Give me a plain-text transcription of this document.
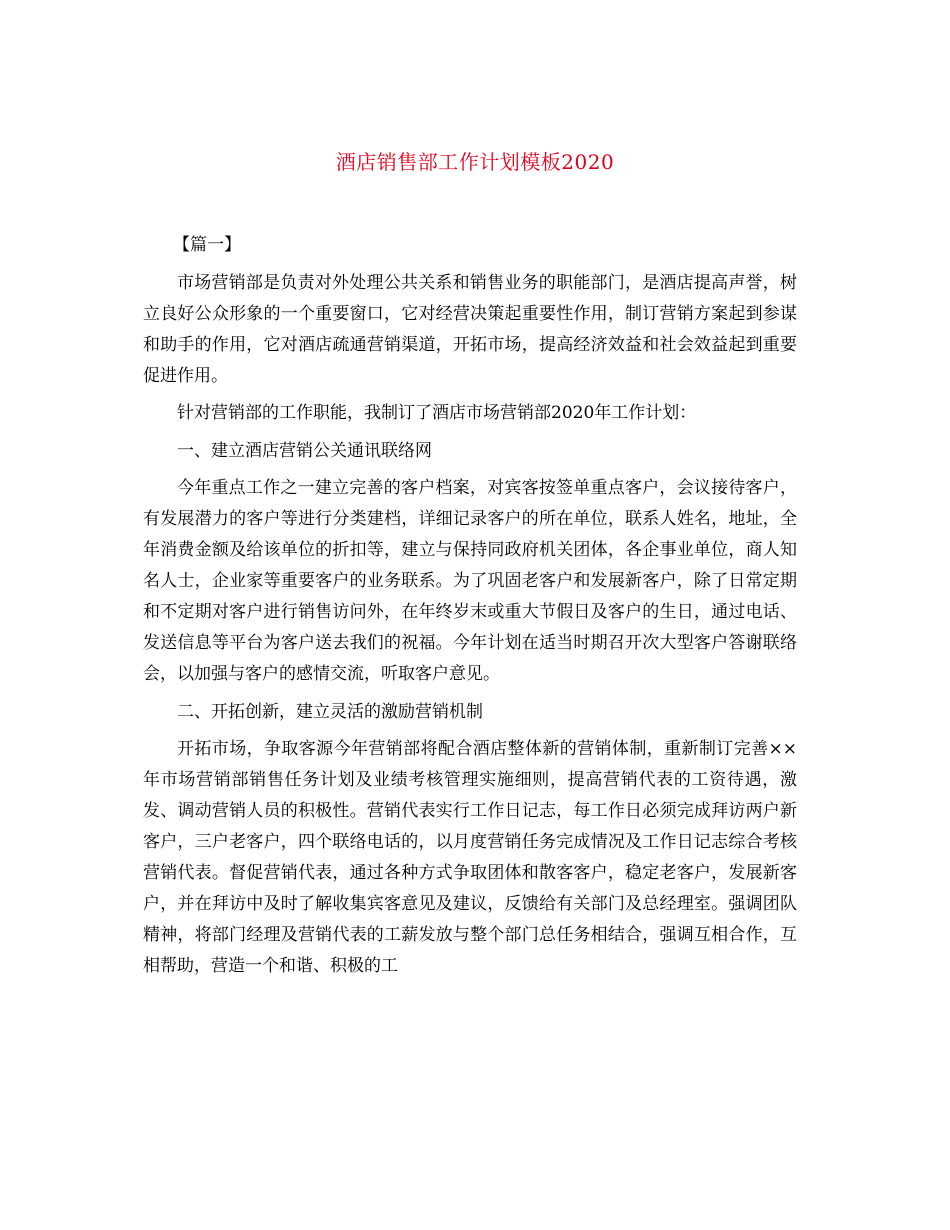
酒店销售部工作计划模板2020

【篇一】

市场营销部是负责对外处理公共关系和销售业务的职能部门，是酒店提高声誉，树立良好公众形象的一个重要窗口，它对经营决策起重要性作用，制订营销方案起到参谋和助手的作用，它对酒店疏通营销渠道，开拓市场，提高经济效益和社会效益起到重要促进作用。

针对营销部的工作职能，我制订了酒店市场营销部2020年工作计划：

一、建立酒店营销公关通讯联络网

今年重点工作之一建立完善的客户档案，对宾客按签单重点客户，会议接待客户，有发展潜力的客户等进行分类建档，详细记录客户的所在单位，联系人姓名，地址，全年消费金额及给该单位的折扣等，建立与保持同政府机关团体，各企事业单位，商人知名人士，企业家等重要客户的业务联系。为了巩固老客户和发展新客户，除了日常定期和不定期对客户进行销售访问外，在年终岁末或重大节假日及客户的生日，通过电话、发送信息等平台为客户送去我们的祝福。今年计划在适当时期召开次大型客户答谢联络会，以加强与客户的感情交流，听取客户意见。

二、开拓创新，建立灵活的激励营销机制

开拓市场，争取客源今年营销部将配合酒店整体新的营销体制，重新制订完善××年市场营销部销售任务计划及业绩考核管理实施细则，提高营销代表的工资待遇，激发、调动营销人员的积极性。营销代表实行工作日记志，每工作日必须完成拜访两户新客户，三户老客户，四个联络电话的，以月度营销任务完成情况及工作日记志综合考核营销代表。督促营销代表，通过各种方式争取团体和散客客户，稳定老客户，发展新客户，并在拜访中及时了解收集宾客意见及建议，反馈给有关部门及总经理室。强调团队精神，将部门经理及营销代表的工薪发放与整个部门总任务相结合，强调互相合作，互相帮助，营造一个和谐、积极的工
